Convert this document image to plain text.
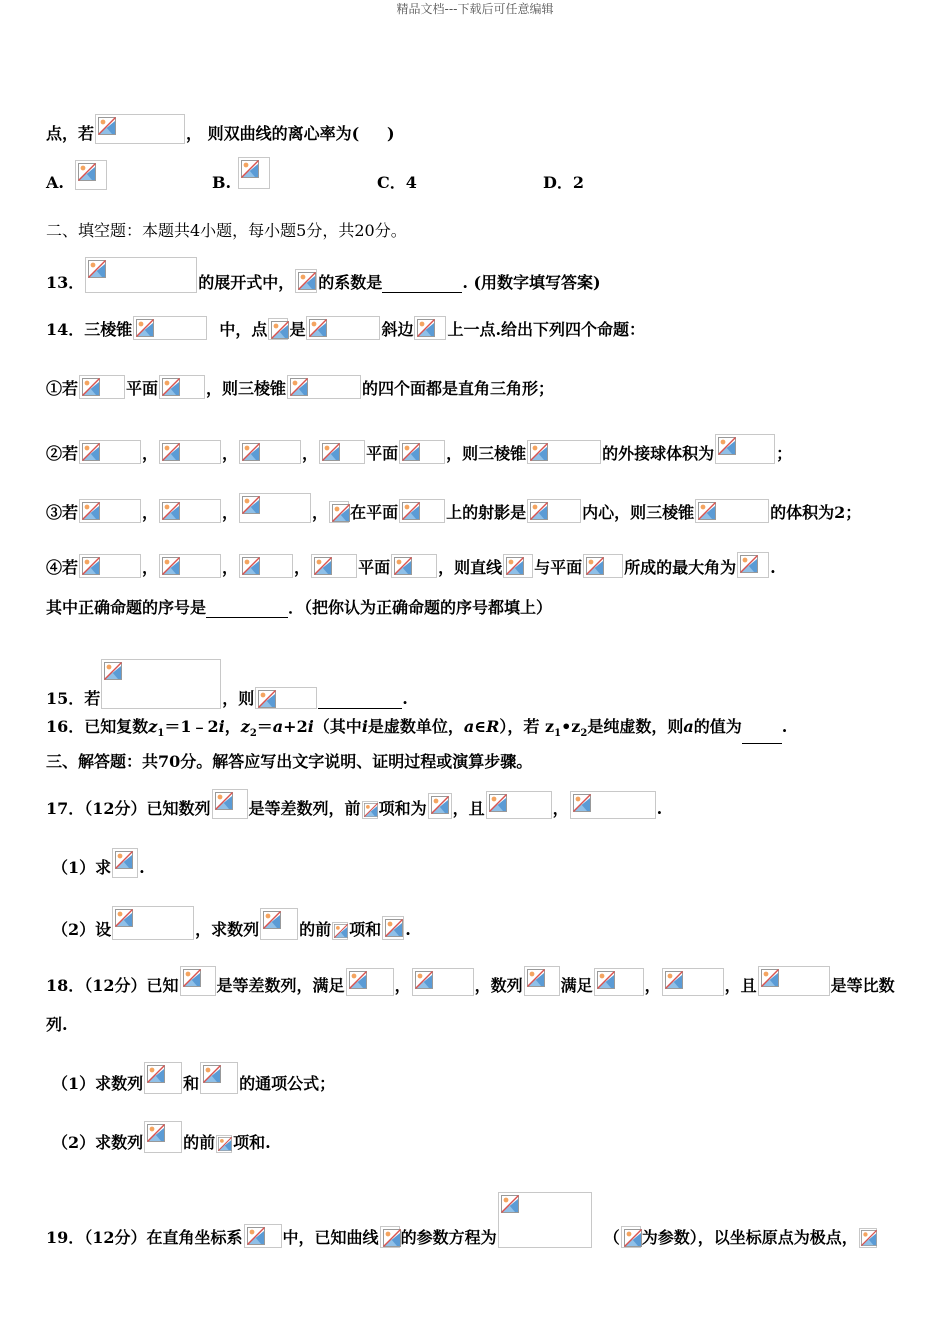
精品文档---下载后可任意编辑
点，若	， 则双曲线的离心率为( )
A.	B.	C．4	D．2
二、填空题：本题共4小题，每小题5分，共20分。
13．	的展开式中， 的系数是	. (用数字填写答案)
14．三棱锥	中，点 是	斜边 上一点.给出下列四个命题：
①若	平面	，则三棱锥	的四个面都是直角三角形；
②若	，	，	，	平面	，则三棱锥	的外接球体积为	；
③若	，	，	， 在平面	上的射影是	内心，则三棱锥	的体积为2；
④若	，	，	，	平面	，则直线 与平面	所成的最大角为 .
其中正确命题的序号是	．（把你认为正确命题的序号都填上）
15．若	，则	.
16．已知复数$z_1=1﹣2i$，$z_2=a+2i$（其中i是虚数单位，a∈R），若 $z_1•z_2$是纯虚数，则a的值为	.
三、解答题：共70分。解答应写出文字说明、证明过程或演算步骤。
17．（12分）已知数列 是等差数列，前 项和为 ，且	，	.
（1）求 .
（2）设	，求数列	的前 项和 .
18．（12分）已知 是等差数列，满足	，	，数列 满足	，	，且	是等比数
列.
（1）求数列	和	的通项公式；
（2）求数列	的前 项和.
19．（12分）在直角坐标系	中，已知曲线 的参数方程为	（ 为参数），以坐标原点为极点，
